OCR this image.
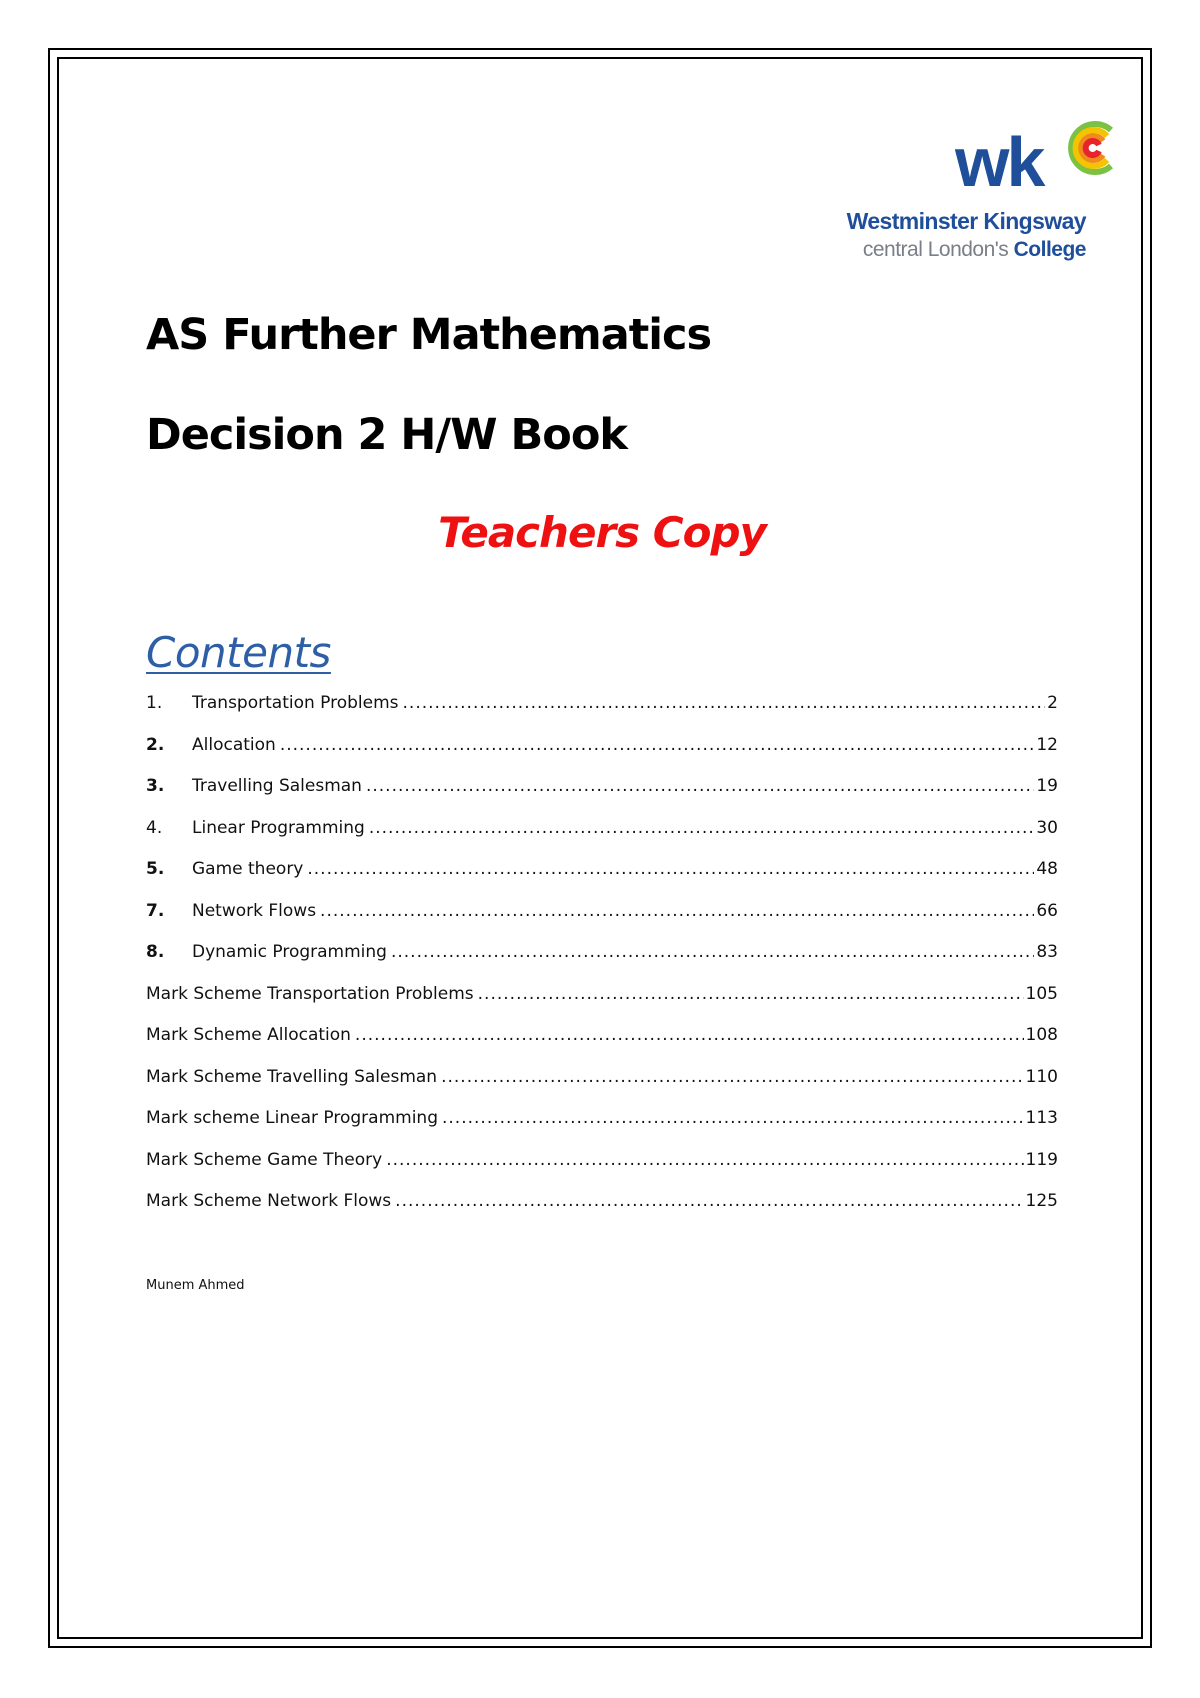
wk
Westminster Kingsway
central London's College
AS Further Mathematics
Decision 2 H/W Book
Teachers Copy
Contents
1.	Transportation Problems .....	2
2.	Allocation .....	12
3.	Travelling Salesman .....	19
4.	Linear Programming .....	30
5.	Game theory .....	48
7.	Network Flows .....	66
8.	Dynamic Programming .....	83
Mark Scheme Transportation Problems .....	105
Mark Scheme Allocation .....	108
Mark Scheme Travelling Salesman .....	110
Mark scheme Linear Programming .....	113
Mark Scheme Game Theory .....	119
Mark Scheme Network Flows .....	125
Munem Ahmed
